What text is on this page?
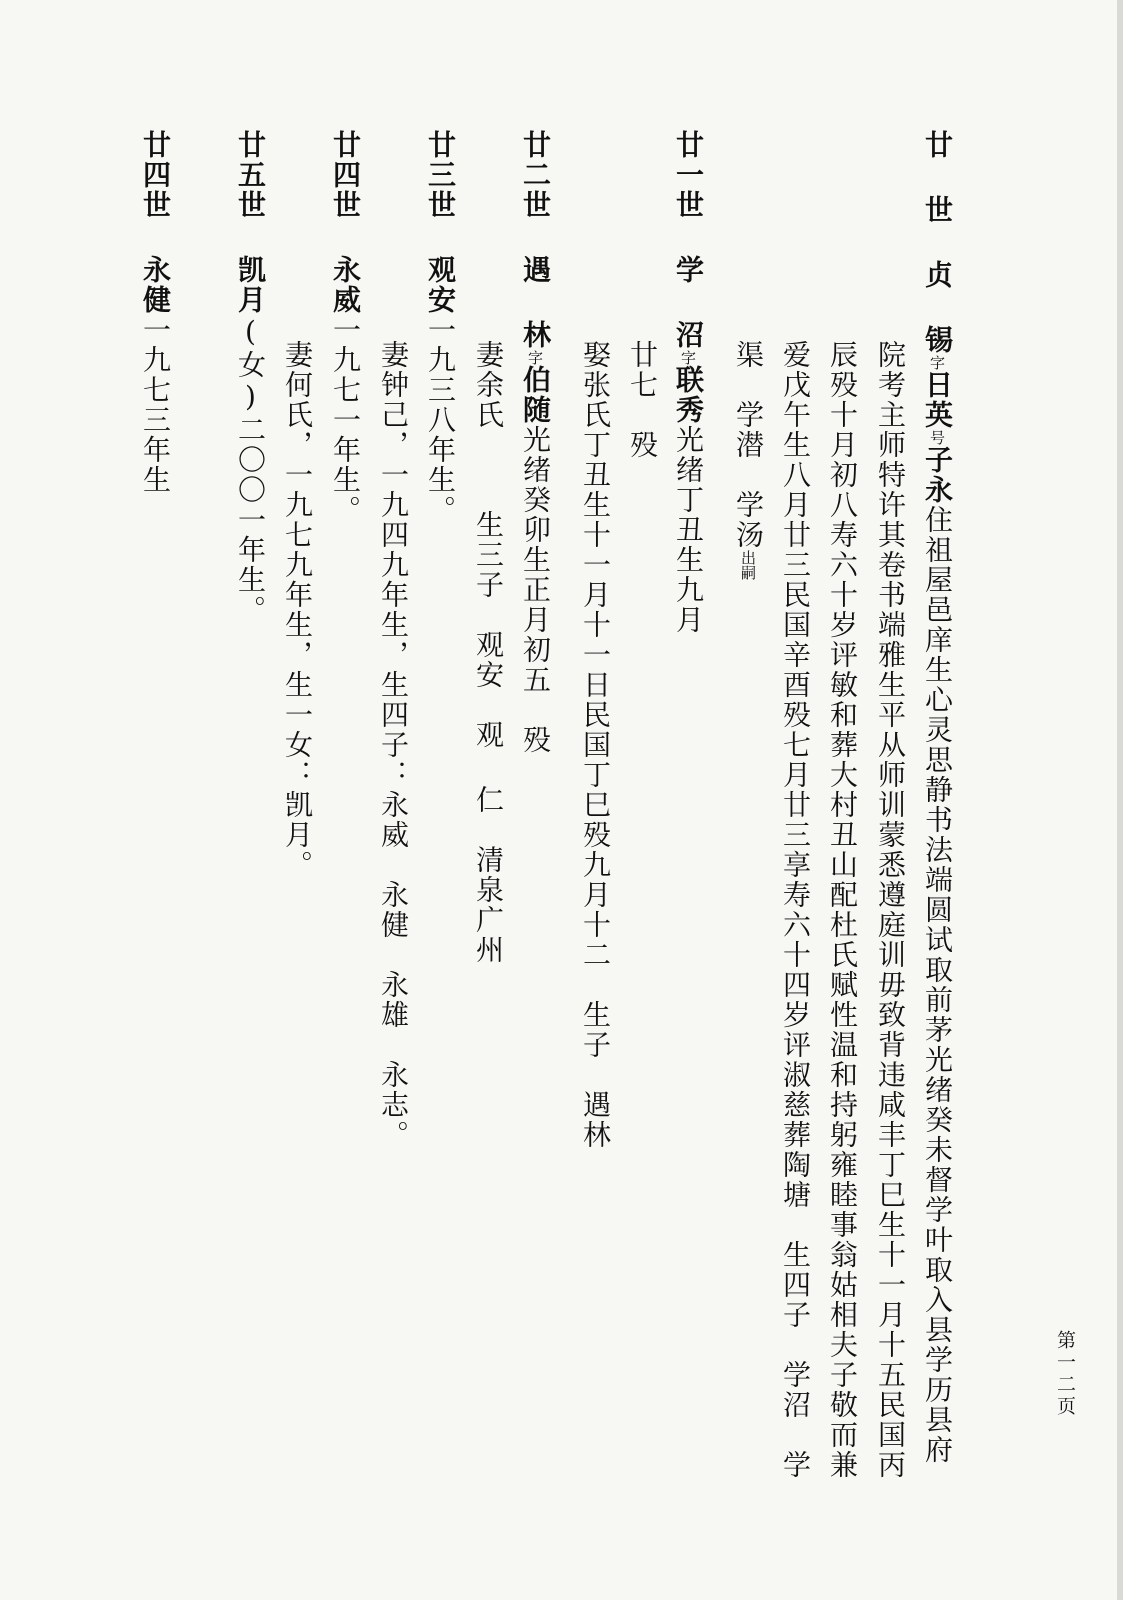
第一二页
廿 世 贞 锡字日英号子永住祖屋邑庠生心灵思静书法端圆试取前茅光绪癸未督学叶取入县学历县府
院考主师特许其卷书端雅生平从师训蒙悉遵庭训毋致背违咸丰丁巳生十一月十五民国丙
辰殁十月初八寿六十岁评敏和葬大村丑山配杜氏赋性温和持躬雍睦事翁姑相夫子敬而兼
爱戊午生八月廿三民国辛酉殁七月廿三享寿六十四岁评淑慈葬陶塘生四子　学沼　学
渠　学潜　学汤出嗣
廿一世 学 沼字联秀光绪丁丑生九月
廿七殁
娶张氏丁丑生十一月十一日民国丁巳殁九月十二生子　遇林
廿二世 遇 林字伯随光绪癸卯生正月初五殁
妻余氏生三子　观安　观 仁　清泉广州
廿三世 观安一九三八年生。
妻钟己，一九四九年生，生四子：永威　永健　永雄　永志。
廿四世 永威一九七一年生。
廿五世 凯月(女)二〇〇一年生。 妻何氏，一九七九年生，生一女：凯月。
廿四世 永健一九七三年生
